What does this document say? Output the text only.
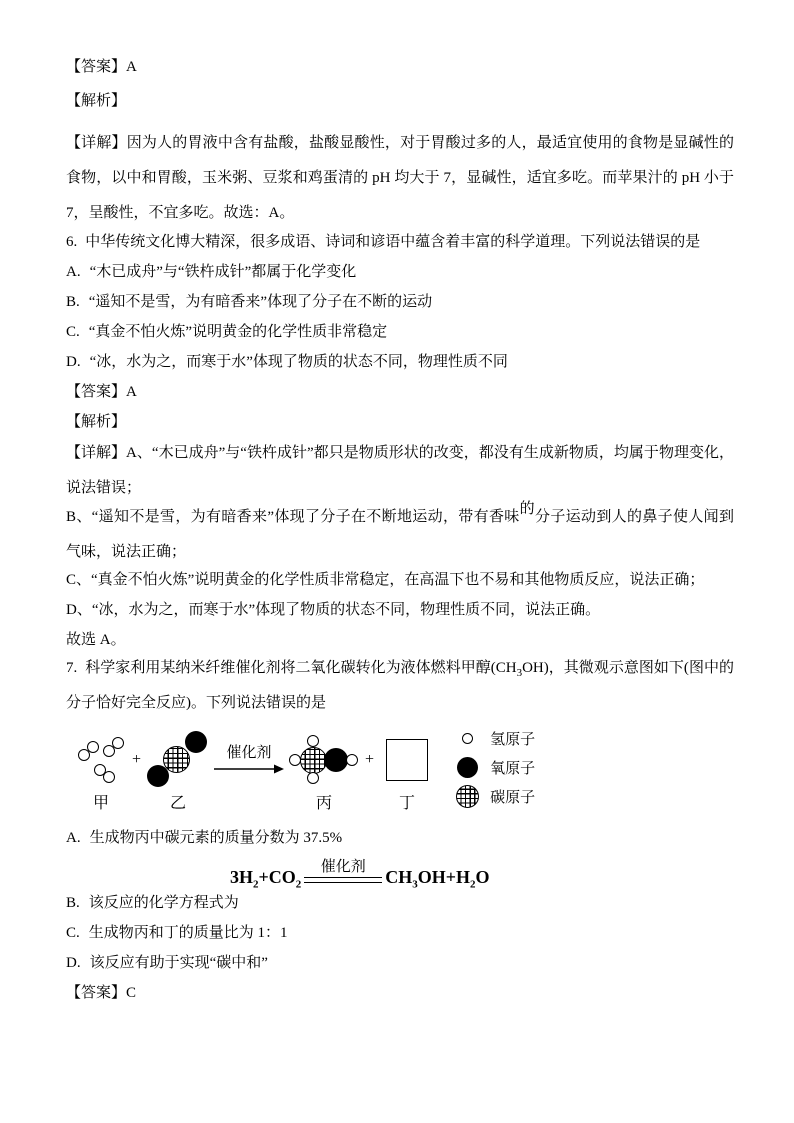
【答案】A

【解析】

【详解】因为人的胃液中含有盐酸，盐酸显酸性，对于胃酸过多的人，最适宜使用的食物是显碱性的食物，以中和胃酸，玉米粥、豆浆和鸡蛋清的 pH 均大于 7，显碱性，适宜多吃。而苹果汁的 pH 小于 7，呈酸性，不宜多吃。故选：A。

6. 中华传统文化博大精深，很多成语、诗词和谚语中蕴含着丰富的科学道理。下列说法错误的是

A. “木已成舟”与“铁杵成针”都属于化学变化

B. “遥知不是雪，为有暗香来”体现了分子在不断的运动

C. “真金不怕火炼”说明黄金的化学性质非常稳定

D. “冰，水为之，而寒于水”体现了物质的状态不同，物理性质不同

【答案】A

【解析】

【详解】A、“木已成舟”与“铁杵成针”都只是物质形状的改变，都没有生成新物质，均属于物理变化，说法错误；

B、“遥知不是雪，为有暗香来”体现了分子在不断地运动，带有香味的分子运动到人的鼻子使人闻到气味，说法正确；

C、“真金不怕火炼”说明黄金的化学性质非常稳定，在高温下也不易和其他物质反应，说法正确；

D、“冰，水为之，而寒于水”体现了物质的状态不同，物理性质不同，说法正确。

故选 A。

7. 科学家利用某纳米纤维催化剂将二氧化碳转化为液体燃料甲醇$(CH_3OH)$，其微观示意图如下(图中的分子恰好完全反应)。下列说法错误的是

甲
+
乙
催化剂
丙
+
丁
氢原子
氧原子
碳原子

A. 生成物丙中碳元素的质量分数为 37.5%

$3H_2+CO_2$
催化剂 $CH_3OH+H_2O$

B. 该反应的化学方程式为

C. 生成物丙和丁的质量比为 1：1

D. 该反应有助于实现“碳中和”

【答案】C
